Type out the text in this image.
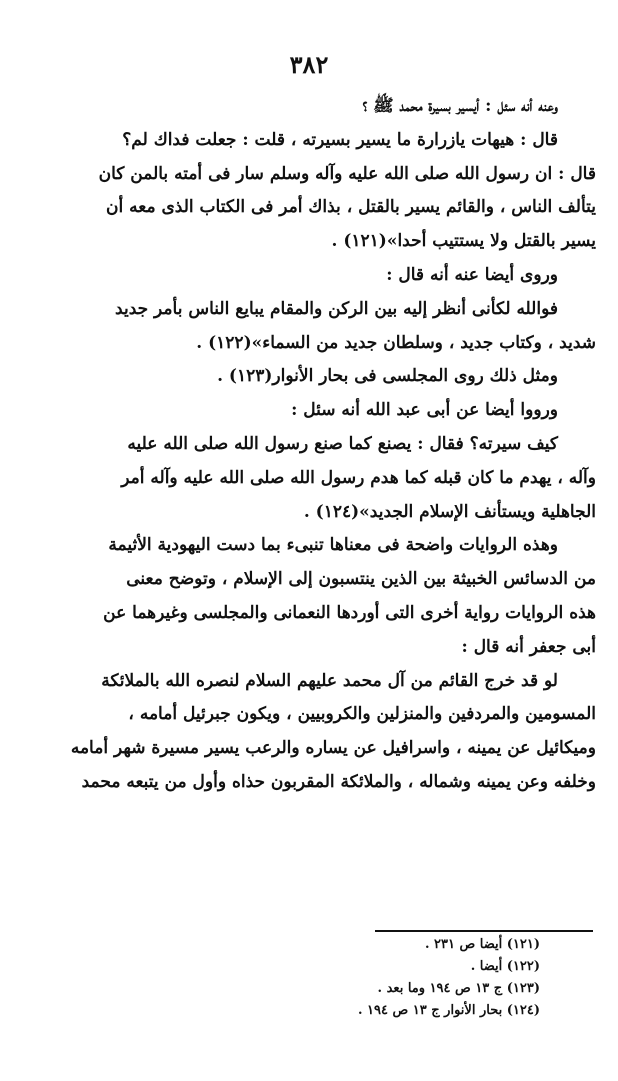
٣٨٢
وعنه أنه سئل : أيسير بسيرة محمد ﷺ ؟
قال : هيهات يازرارة ما يسير بسيرته ، قلت : جعلت فداك لم؟
قال : ان رسول الله صلى الله عليه وآله وسلم سار فى أمته بالمن كان
يتألف الناس ، والقائم يسير بالقتل ، بذاك أمر فى الكتاب الذى معه أن
يسير بالقتل ولا يستتيب أحدا»(١٢١) .
وروى أيضا عنه أنه قال :
فوالله لكأنى أنظر إليه بين الركن والمقام يبايع الناس بأمر جديد
شديد ، وكتاب جديد ، وسلطان جديد من السماء»(١٢٢) .
ومثل ذلك روى المجلسى فى بحار الأنوار(١٢٣) .
ورووا أيضا عن أبى عبد الله أنه سئل :
كيف سيرته؟ فقال : يصنع كما صنع رسول الله صلى الله عليه
وآله ، يهدم ما كان قبله كما هدم رسول الله صلى الله عليه وآله أمر
الجاهلية ويستأنف الإسلام الجديد»(١٢٤) .
وهذه الروايات واضحة فى معناها تنبىء بما دست اليهودية الأثيمة
من الدسائس الخبيثة بين الذين ينتسبون إلى الإسلام ، وتوضح معنى
هذه الروايات رواية أخرى التى أوردها النعمانى والمجلسى وغيرهما عن
أبى جعفر أنه قال :
لو قد خرج القائم من آل محمد عليهم السلام لنصره الله بالملائكة
المسومين والمردفين والمنزلين والكروبيين ، ويكون جبرئيل أمامه ،
وميكائيل عن يمينه ، واسرافيل عن يساره والرعب يسير مسيرة شهر أمامه
وخلفه وعن يمينه وشماله ، والملائكة المقربون حذاه وأول من يتبعه محمد
(١٢١) أيضا ص ٢٣١ .
(١٢٢) أيضا .
(١٢٣) ج ١٣ ص ١٩٤ وما بعد .
(١٢٤) بحار الأنوار ج ١٣ ص ١٩٤ .
